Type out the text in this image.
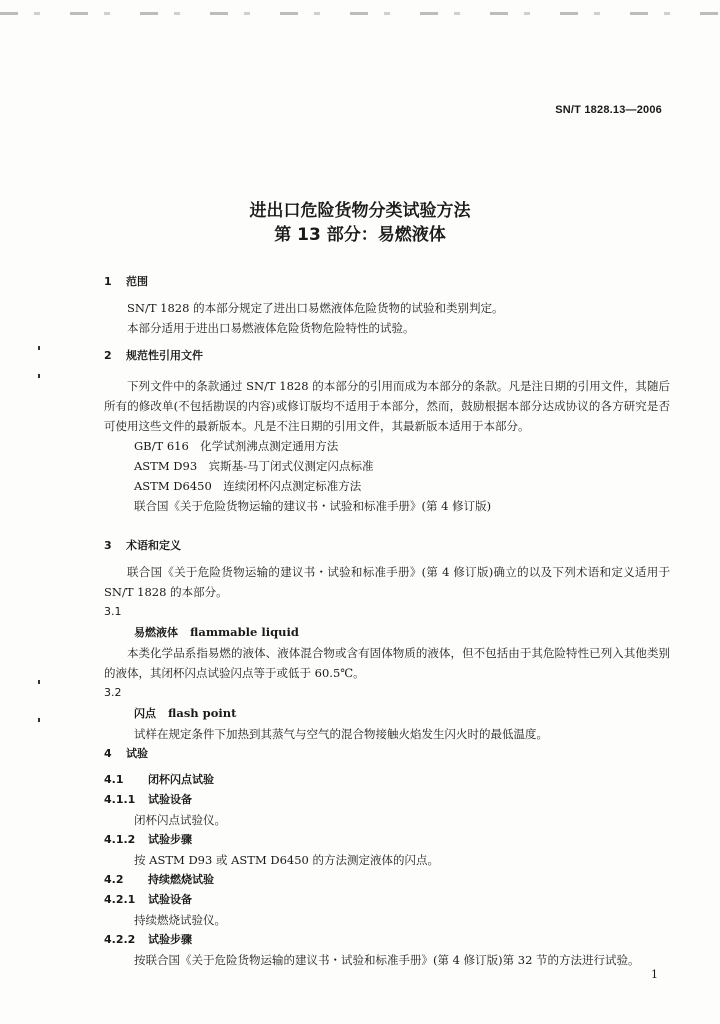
SN/T 1828.13—2006
进出口危险货物分类试验方法
第 13 部分：易燃液体
1 范围
SN/T 1828 的本部分规定了进出口易燃液体危险货物的试验和类别判定。
本部分适用于进出口易燃液体危险货物危险特性的试验。
2 规范性引用文件
下列文件中的条款通过 SN/T 1828 的本部分的引用而成为本部分的条款。凡是注日期的引用文件，其随后所有的修改单(不包括勘误的内容)或修订版均不适用于本部分，然而，鼓励根据本部分达成协议的各方研究是否可使用这些文件的最新版本。凡是不注日期的引用文件，其最新版本适用于本部分。
GB/T 616　化学试剂沸点测定通用方法
ASTM D93　宾斯基-马丁闭式仪测定闪点标准
ASTM D6450　连续闭杯闪点测定标准方法
联合国《关于危险货物运输的建议书・试验和标准手册》(第 4 修订版)
3 术语和定义
联合国《关于危险货物运输的建议书・试验和标准手册》(第 4 修订版)确立的以及下列术语和定义适用于 SN/T 1828 的本部分。
3.1
易燃液体 flammable liquid
本类化学品系指易燃的液体、液体混合物或含有固体物质的液体，但不包括由于其危险特性已列入其他类别的液体，其闭杯闪点试验闪点等于或低于 60.5℃。
3.2
闪点 flash point
试样在规定条件下加热到其蒸气与空气的混合物接触火焰发生闪火时的最低温度。
4 试验
4.1 闭杯闪点试验
4.1.1 试验设备
闭杯闪点试验仪。
4.1.2 试验步骤
按 ASTM D93 或 ASTM D6450 的方法测定液体的闪点。
4.2 持续燃烧试验
4.2.1 试验设备
持续燃烧试验仪。
4.2.2 试验步骤
按联合国《关于危险货物运输的建议书・试验和标准手册》(第 4 修订版)第 32 节的方法进行试验。
1
